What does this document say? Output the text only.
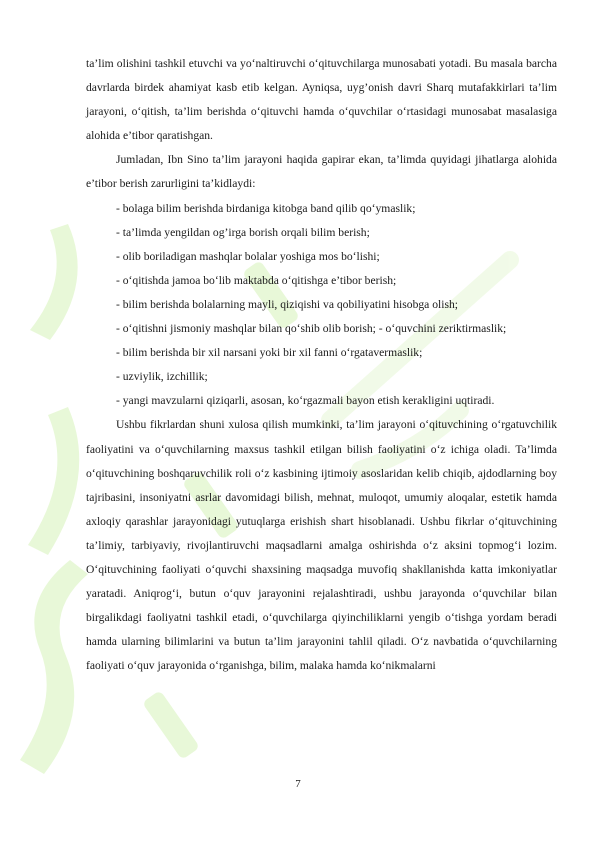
ta’lim olishini tashkil etuvchi va yo‘naltiruvchi o‘qituvchilarga munosabati yotadi. Bu masala barcha davrlarda birdek ahamiyat kasb etib kelgan. Ayniqsa, uyg’onish davri Sharq mutafakkirlari ta’lim jarayoni, o‘qitish, ta’lim berishda o‘qituvchi hamda o‘quvchilar o‘rtasidagi munosabat masalasiga alohida e’tibor qaratishgan.

Jumladan, Ibn Sino ta’lim jarayoni haqida gapirar ekan, ta’limda quyidagi jihatlarga alohida e’tibor berish zarurligini ta’kidlaydi:

- bolaga bilim berishda birdaniga kitobga band qilib qo‘ymaslik;

- ta’limda yengildan og’irga borish orqali bilim berish;

- olib boriladigan mashqlar bolalar yoshiga mos bo‘lishi;

- o‘qitishda jamoa bo‘lib maktabda o‘qitishga e’tibor berish;

- bilim berishda bolalarning mayli, qiziqishi va qobiliyatini hisobga olish;

- o‘qitishni jismoniy mashqlar bilan qo‘shib olib borish; - o‘quvchini zeriktirmaslik;

- bilim berishda bir xil narsani yoki bir xil fanni o‘rgatavermaslik;

- uzviylik, izchillik;

- yangi mavzularni qiziqarli, asosan, ko‘rgazmali bayon etish kerakligini uqtiradi.

Ushbu fikrlardan shuni xulosa qilish mumkinki, ta’lim jarayoni o‘qituvchining o‘rgatuvchilik faoliyatini va o‘quvchilarning maxsus tashkil etilgan bilish faoliyatini o‘z ichiga oladi. Ta’limda o‘qituvchining boshqaruvchilik roli o‘z kasbining ijtimoiy asoslaridan kelib chiqib, ajdodlarning boy tajribasini, insoniyatni asrlar davomidagi bilish, mehnat, muloqot, umumiy aloqalar, estetik hamda axloqiy qarashlar jarayonidagi yutuqlarga erishish shart hisoblanadi. Ushbu fikrlar o‘qituvchining ta’limiy, tarbiyaviy, rivojlantiruvchi maqsadlarni amalga oshirishda o‘z aksini topmog‘i lozim. O‘qituvchining faoliyati o‘quvchi shaxsining maqsadga muvofiq shakllanishda katta imkoniyatlar yaratadi. Aniqrog‘i, butun o‘quv jarayonini rejalashtiradi, ushbu jarayonda o‘quvchilar bilan birgalikdagi faoliyatni tashkil etadi, o‘quvchilarga qiyinchiliklarni yengib o‘tishga yordam beradi hamda ularning bilimlarini va butun ta’lim jarayonini tahlil qiladi. O‘z navbatida o‘quvchilarning faoliyati o‘quv jarayonida o‘rganishga, bilim, malaka hamda ko‘nikmalarni

7
